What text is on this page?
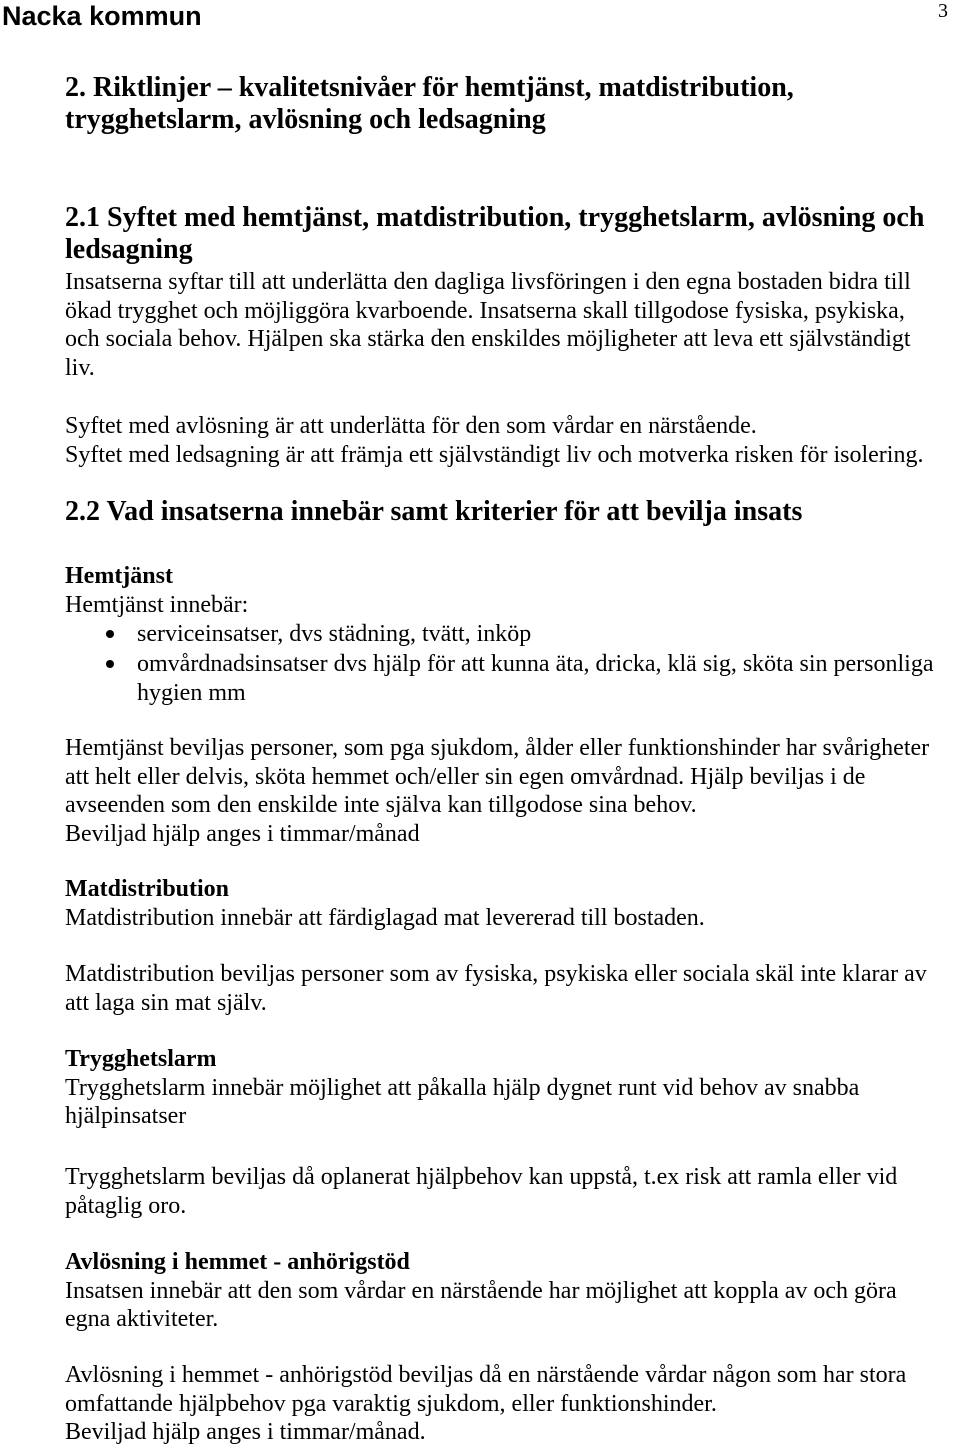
Nacka kommun	3
2. Riktlinjer – kvalitetsnivåer för hemtjänst, matdistribution,
trygghetslarm, avlösning och ledsagning
2.1 Syftet med hemtjänst, matdistribution, trygghetslarm, avlösning och
ledsagning
Insatserna syftar till att underlätta den dagliga livsföringen i den egna bostaden bidra till
ökad trygghet och möjliggöra kvarboende. Insatserna skall tillgodose fysiska, psykiska,
och sociala behov. Hjälpen ska stärka den enskildes möjligheter att leva ett självständigt
liv.
Syftet med avlösning är att underlätta för den som vårdar en närstående.
Syftet med ledsagning är att främja ett självständigt liv och motverka risken för isolering.
2.2 Vad insatserna innebär samt kriterier för att bevilja insats
Hemtjänst
Hemtjänst innebär:
serviceinsatser, dvs städning, tvätt, inköp
omvårdnadsinsatser dvs hjälp för att kunna äta, dricka, klä sig, sköta sin personliga
hygien mm
Hemtjänst beviljas personer, som pga sjukdom, ålder eller funktionshinder har svårigheter
att helt eller delvis, sköta hemmet och/eller sin egen omvårdnad. Hjälp beviljas i de
avseenden som den enskilde inte själva kan tillgodose sina behov.
Beviljad hjälp anges i timmar/månad
Matdistribution
Matdistribution innebär att färdiglagad mat levererad till bostaden.
Matdistribution beviljas personer som av fysiska, psykiska eller sociala skäl inte klarar av
att laga sin mat själv.
Trygghetslarm
Trygghetslarm innebär möjlighet att påkalla hjälp dygnet runt vid behov av snabba
hjälpinsatser
Trygghetslarm beviljas då oplanerat hjälpbehov kan uppstå, t.ex risk att ramla eller vid
påtaglig oro.
Avlösning i hemmet - anhörigstöd
Insatsen innebär att den som vårdar en närstående har möjlighet att koppla av och göra
egna aktiviteter.
Avlösning i hemmet - anhörigstöd beviljas då en närstående vårdar någon som har stora
omfattande hjälpbehov pga varaktig sjukdom, eller funktionshinder.
Beviljad hjälp anges i timmar/månad.
